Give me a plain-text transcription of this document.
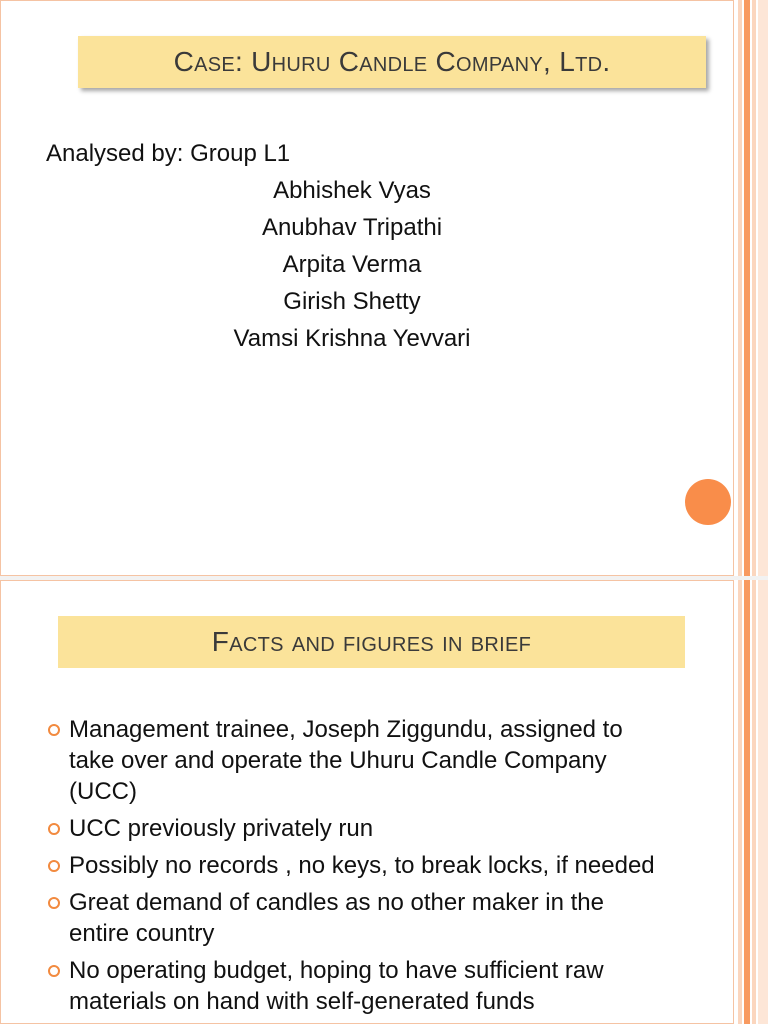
Case: Uhuru Candle Company, Ltd.
Analysed by: Group L1
Abhishek Vyas
Anubhav Tripathi
Arpita Verma
Girish Shetty
Vamsi Krishna Yevvari
Facts and figures in brief
Management trainee, Joseph Ziggundu, assigned to take over and operate the Uhuru Candle Company (UCC)
UCC previously privately run
Possibly no records , no keys, to break locks, if needed
Great demand of candles as no other maker in the entire country
No operating budget, hoping to have sufficient raw materials on hand with self-generated funds
